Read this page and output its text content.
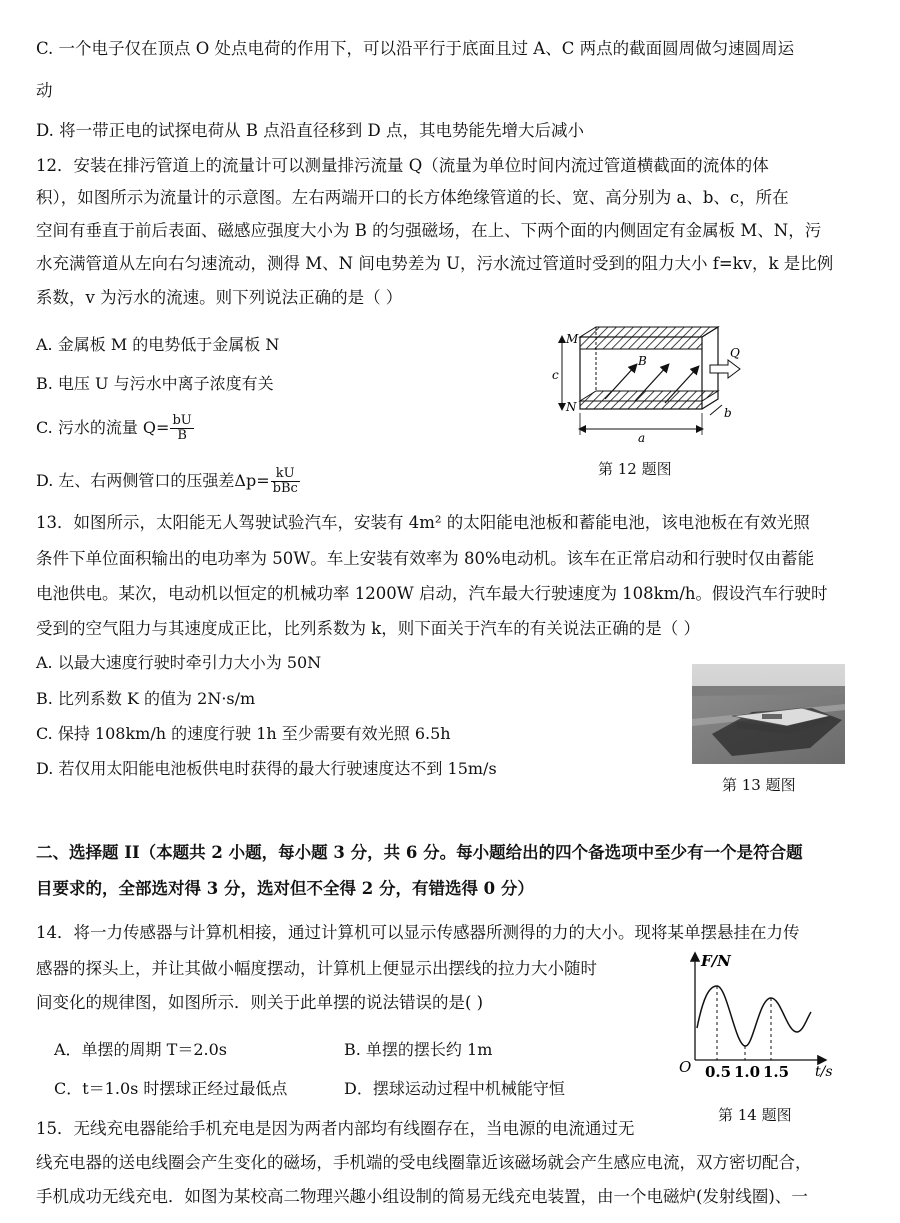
C. 一个电子仅在顶点 O 处点电荷的作用下，可以沿平行于底面且过 A、C 两点的截面圆周做匀速圆周运
动
D. 将一带正电的试探电荷从 B 点沿直径移到 D 点，其电势能先增大后减小
12．安装在排污管道上的流量计可以测量排污流量 Q（流量为单位时间内流过管道横截面的流体的体
积），如图所示为流量计的示意图。左右两端开口的长方体绝缘管道的长、宽、高分别为 a、b、c，所在
空间有垂直于前后表面、磁感应强度大小为 B 的匀强磁场，在上、下两个面的内侧固定有金属板 M、N，污
水充满管道从左向右匀速流动，测得 M、N 间电势差为 U，污水流过管道时受到的阻力大小 f=kv，k 是比例
系数，v 为污水的流速。则下列说法正确的是（ ）
A. 金属板 M 的电势低于金属板 N
B. 电压 U 与污水中离子浓度有关
C. 污水的流量 $Q= \frac{bU}{B}$
D. 左、右两侧管口的压强差$\Delta p= \frac{kU}{\text{bBc}}$
M
N
c
B
Q
a
b
第 12 题图
13．如图所示，太阳能无人驾驶试验汽车，安装有 4m² 的太阳能电池板和蓄能电池，该电池板在有效光照
条件下单位面积输出的电功率为 50W。车上安装有效率为 80%电动机。该车在正常启动和行驶时仅由蓄能
电池供电。某次，电动机以恒定的机械功率 1200W 启动，汽车最大行驶速度为 108km/h。假设汽车行驶时
受到的空气阻力与其速度成正比，比列系数为 k，则下面关于汽车的有关说法正确的是（ ）
A. 以最大速度行驶时牵引力大小为 50N
B. 比列系数 K 的值为 2N·s/m
C. 保持 108km/h 的速度行驶 1h 至少需要有效光照 6.5h
D. 若仅用太阳能电池板供电时获得的最大行驶速度达不到 15m/s
第 13 题图
二、选择题 II（本题共 2 小题，每小题 3 分，共 6 分。每小题给出的四个备选项中至少有一个是符合题
目要求的，全部选对得 3 分，选对但不全得 2 分，有错选得 0 分）
14．将一力传感器与计算机相接，通过计算机可以显示传感器所测得的力的大小。现将某单摆悬挂在力传
感器的探头上，并让其做小幅度摆动，计算机上便显示出摆线的拉力大小随时
间变化的规律图，如图所示．则关于此单摆的说法错误的是( )
A．单摆的周期 T＝2.0s	B. 单摆的摆长约 1m
C．t＝1.0s 时摆球正经过最低点	D．摆球运动过程中机械能守恒
F/N
t/s
O 0.5 1.0 1.5
第 14 题图
15．无线充电器能给手机充电是因为两者内部均有线圈存在，当电源的电流通过无
线充电器的送电线圈会产生变化的磁场，手机端的受电线圈靠近该磁场就会产生感应电流，双方密切配合，
手机成功无线充电．如图为某校高二物理兴趣小组设制的简易无线充电装置，由一个电磁炉(发射线圈)、一
